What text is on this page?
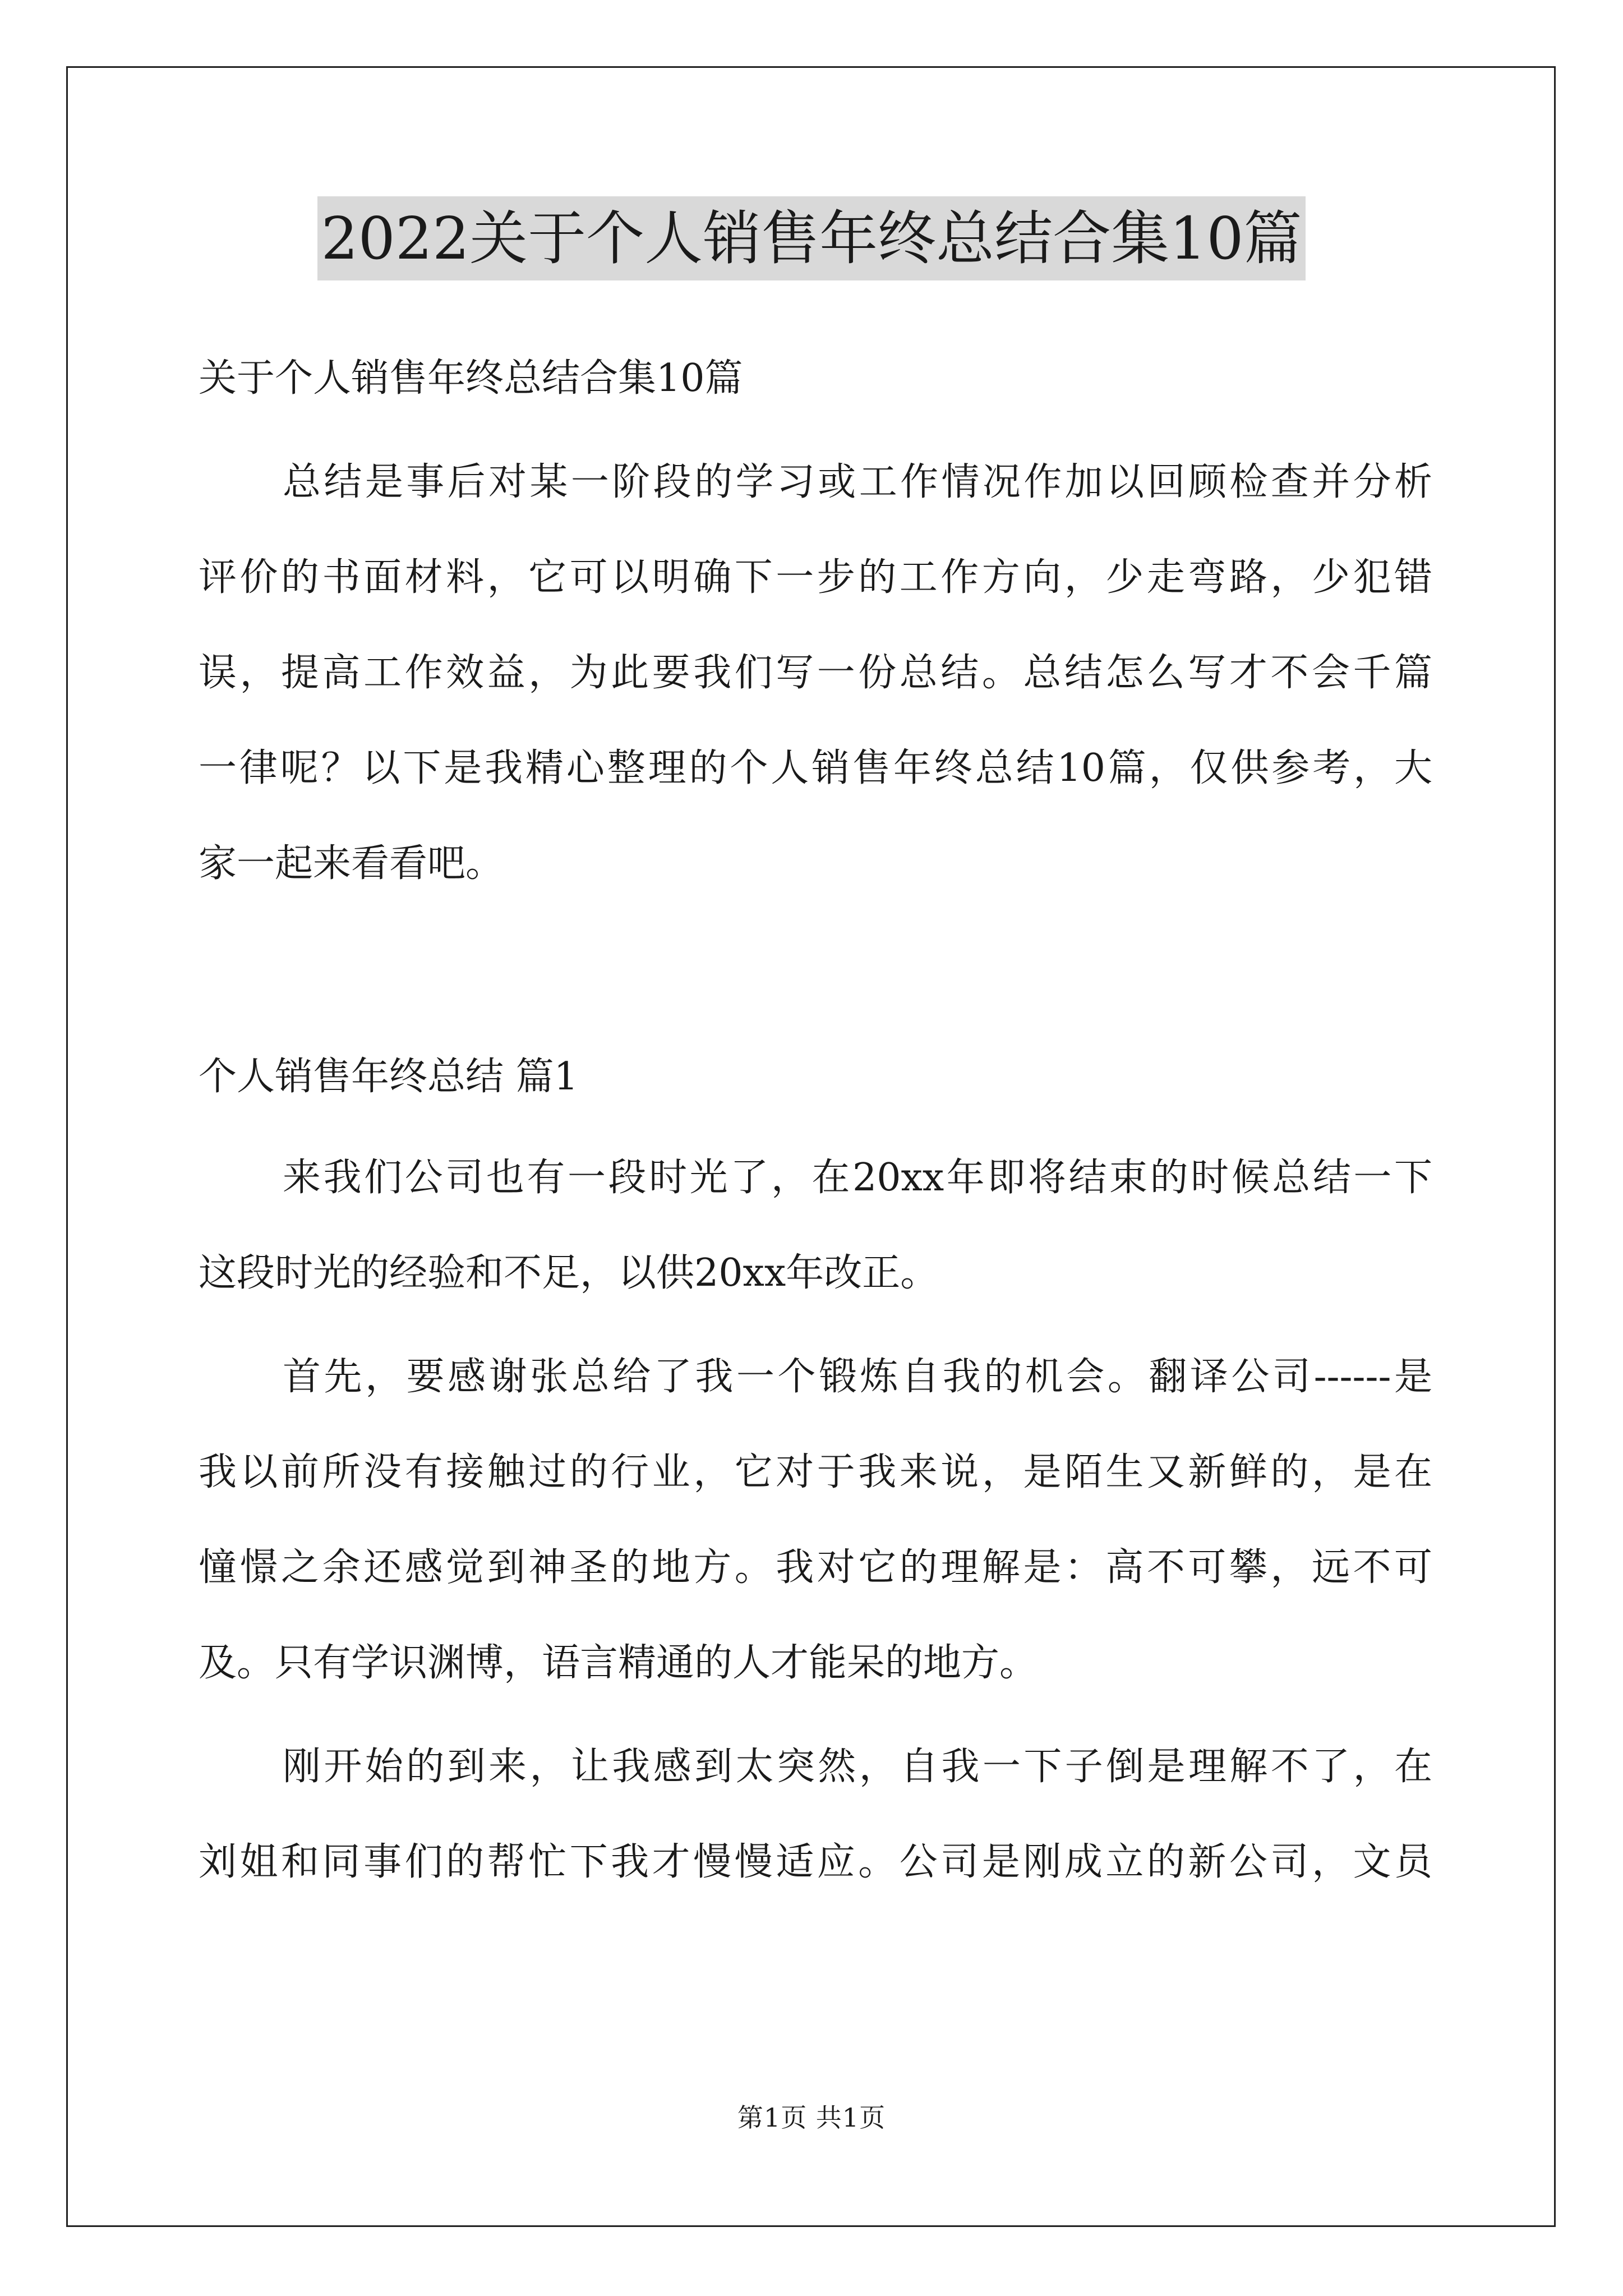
2022关于个人销售年终总结合集10篇
关于个人销售年终总结合集10篇
总结是事后对某一阶段的学习或工作情况作加以回顾检查并分析
评价的书面材料，它可以明确下一步的工作方向，少走弯路，少犯错
误，提高工作效益，为此要我们写一份总结。总结怎么写才不会千篇
一律呢？以下是我精心整理的个人销售年终总结10篇，仅供参考，大
家一起来看看吧。
个人销售年终总结 篇1
来我们公司也有一段时光了，在20xx年即将结束的时候总结一下
这段时光的经验和不足，以供20xx年改正。
首先，要感谢张总给了我一个锻炼自我的机会。翻译公司------是
我以前所没有接触过的行业，它对于我来说，是陌生又新鲜的，是在
憧憬之余还感觉到神圣的地方。我对它的理解是：高不可攀，远不可
及。只有学识渊博，语言精通的人才能呆的地方。
刚开始的到来，让我感到太突然，自我一下子倒是理解不了，在
刘姐和同事们的帮忙下我才慢慢适应。公司是刚成立的新公司，文员
第1页 共1页
